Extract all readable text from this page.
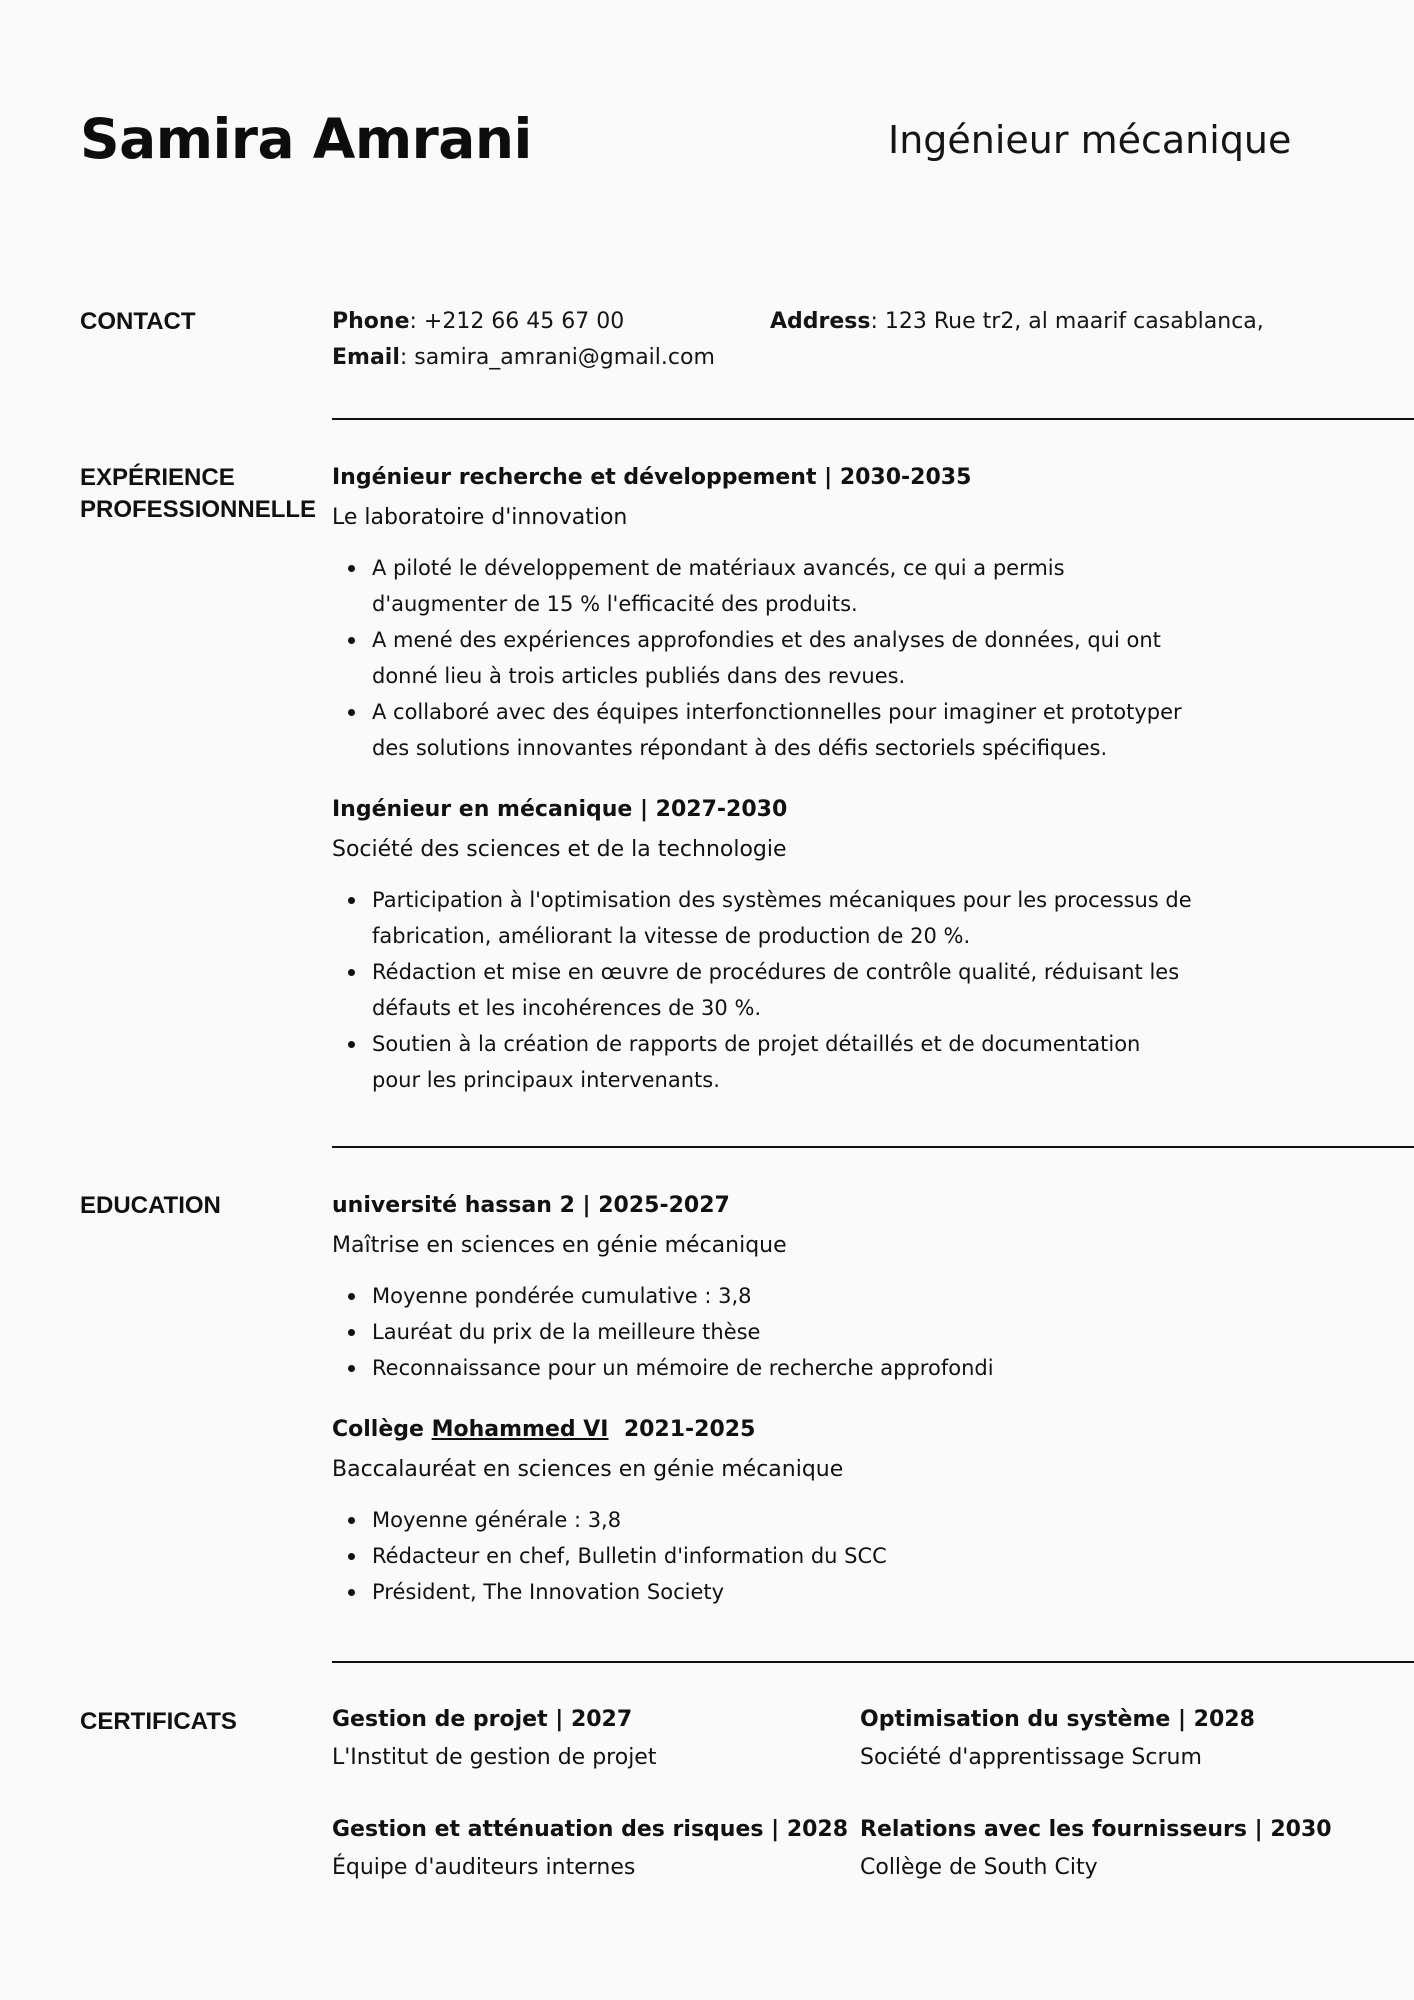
Samira Amrani	Ingénieur mécanique
CONTACT	Phone: +212 66 45 67 00
Email: samira_amrani@gmail.com
Address: 123 Rue tr2, al maarif casablanca,
EXPÉRIENCE
PROFESSIONNELLE
Ingénieur recherche et développement | 2030-2035
Le laboratoire d'innovation
A piloté le développement de matériaux avancés, ce qui a permis d'augmenter de 15 % l'efficacité des produits.
A mené des expériences approfondies et des analyses de données, qui ont donné lieu à trois articles publiés dans des revues.
A collaboré avec des équipes interfonctionnelles pour imaginer et prototyper des solutions innovantes répondant à des défis sectoriels spécifiques.
Ingénieur en mécanique | 2027-2030
Société des sciences et de la technologie
Participation à l'optimisation des systèmes mécaniques pour les processus de fabrication, améliorant la vitesse de production de 20 %.
Rédaction et mise en œuvre de procédures de contrôle qualité, réduisant les défauts et les incohérences de 30 %.
Soutien à la création de rapports de projet détaillés et de documentation pour les principaux intervenants.
EDUCATION	université hassan 2 | 2025-2027
Maîtrise en sciences en génie mécanique
Moyenne pondérée cumulative : 3,8
Lauréat du prix de la meilleure thèse
Reconnaissance pour un mémoire de recherche approfondi
Collège Mohammed VI  2021-2025
Baccalauréat en sciences en génie mécanique
Moyenne générale : 3,8
Rédacteur en chef, Bulletin d'information du SCC
Président, The Innovation Society
CERTIFICATS	Gestion de projet | 2027
L'Institut de gestion de projet
Optimisation du système | 2028
Société d'apprentissage Scrum
Gestion et atténuation des risques | 2028
Équipe d'auditeurs internes
Relations avec les fournisseurs | 2030
Collège de South City
